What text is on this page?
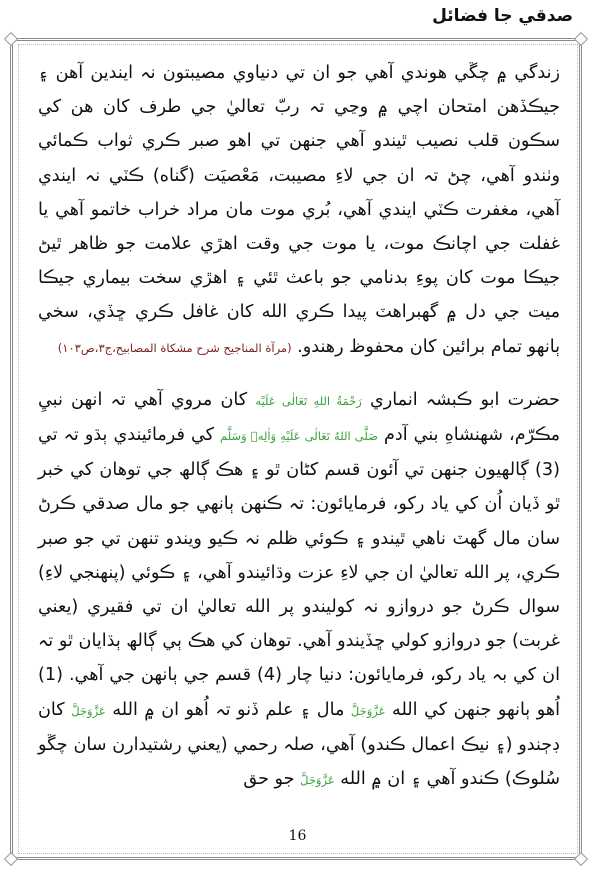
صدقي جا فضائل

زندگي ۾ چڱي هوندي آهي جو ان تي دنياوي مصيبتون نہ ايندين آهن ۽ جيڪڏهن امتحان اچي ۾ وڃي تہ ربّ تعاليٰ جي طرف کان هن کي سڪون قلب نصيب ٿيندو آهي جنهن تي اهو صبر ڪري ثواب ڪمائي وٺندو آهي، چڻ تہ ان جي لاءِ مصيبت، مَعْصيَت (گناه) ڪٽي نہ ايندي آهي، مغفرت ڪٽي ايندي آهي، بُري موت مان مراد خراب خاتمو آهي يا غفلت جي اچانڪ موت، يا موت جي وقت اهڙي علامت جو ظاهر ٿيڻ جيڪا موت کان پوءِ بدنامي جو باعث ٿئي ۽ اهڙي سخت بيماري جيڪا ميت جي دل ۾ گهبراهٽ پيدا ڪري الله کان غافل ڪري ڇڏي، سخي ٻانهو تمام برائين کان محفوظ رهندو. (مرآة المناجيح شرح مشكاة المصابيح،ج٣،ص١٠٣)

حضرت ابو ڪبشہ انماري رَحْمَةُ اللهِ تَعَالٰى عَلَيْه کان مروي آهي تہ انهن نبيِ مڪرّم، شهنشاهِ بني آدم صَلَّى اللهُ تَعَالٰى عَلَيْهِ وَاٰلِهٖ وَسَلَّم کي فرمائيندي ٻڌو تہ تي (3) ڳالهيون جنهن تي آئون قسم کڻان ٿو ۽ هڪ ڳالھ جي توهان کي خبر ٿو ڏيان اُن کي ياد رکو، فرمايائون: تہ ڪنهن ٻانهي جو مال صدقي ڪرڻ سان مال گهٽ ناهي ٿيندو ۽ ڪوئي ظلم نہ ڪيو ويندو تنهن تي جو صبر ڪري، پر الله تعاليٰ ان جي لاءِ عزت وڌائيندو آهي، ۽ ڪوئي (پنهنجي لاءِ) سوال ڪرڻ جو دروازو نہ کوليندو پر الله تعاليٰ ان تي فقيري (يعني غربت) جو دروازو کولي ڇڏيندو آهي. توهان کي هڪ ٻي ڳالھ ٻڌايان ٿو تہ ان کي بہ ياد رکو، فرمايائون: دنيا چار (4) قسم جي ٻانهن جي آهي. (1) اُهو ٻانهو جنهن کي الله عَزَّوَجَلَّ مال ۽ علم ڏنو تہ اُهو ان ۾ الله عَزَّوَجَلَّ کان ڊڄندو (۽ نيڪ اعمال ڪندو) آهي، صلہ رحمي (يعني رشتيدارن سان چڱو سُلوڪ) ڪندو آهي ۽ ان ۾ الله عَزَّوَجَلَّ جو حق

16
